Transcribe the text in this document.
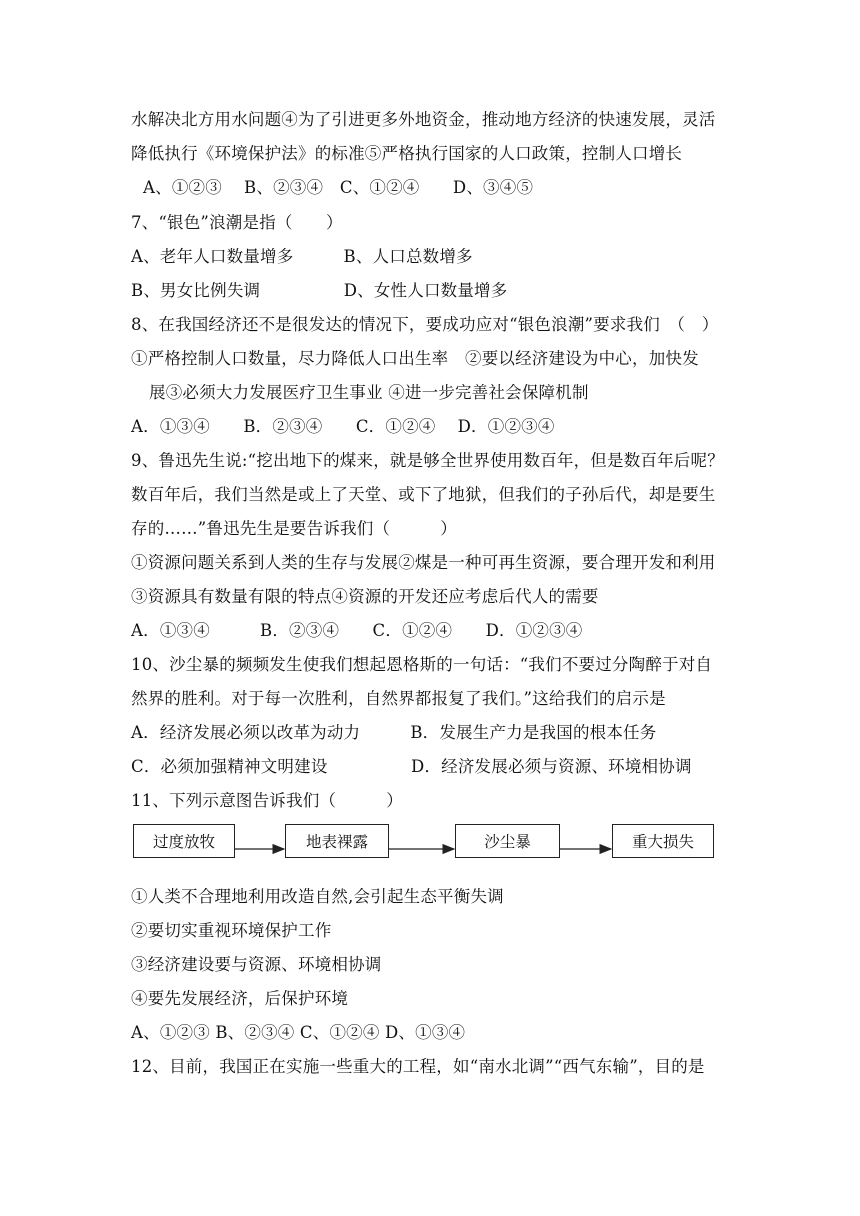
水解决北方用水问题④为了引进更多外地资金，推动地方经济的快速发展，灵活
降低执行《环境保护法》的标准⑤严格执行国家的人口政策，控制人口增长
A、①②③　 B、②③④　C、①②④　　D、③④⑤
7、“银色”浪潮是指（　　）
A、老年人口数量增多　　　B、人口总数增多
B、男女比例失调　　　　　D、女性人口数量增多
8、在我国经济还不是很发达的情况下，要成功应对“银色浪潮”要求我们　（　）
①严格控制人口数量，尽力降低人口出生率　②要以经济建设为中心，加快发
展③必须大力发展医疗卫生事业 ④进一步完善社会保障机制
A．①③④　　B．②③④　　C．①②④　 D．①②③④
9、鲁迅先生说:“挖出地下的煤来，就是够全世界使用数百年，但是数百年后呢？
数百年后，我们当然是或上了天堂、或下了地狱，但我们的子孙后代，却是要生
存的……”鲁迅先生是要告诉我们（　　　）
①资源问题关系到人类的生存与发展②煤是一种可再生资源，要合理开发和利用
③资源具有数量有限的特点④资源的开发还应考虑后代人的需要
A．①③④　　　B．②③④　　C．①②④　　D．①②③④
10、沙尘暴的频频发生使我们想起恩格斯的一句话：“我们不要过分陶醉于对自
然界的胜利。对于每一次胜利，自然界都报复了我们。”这给我们的启示是
A．经济发展必须以改革为动力　　　B．发展生产力是我国的根本任务
C．必须加强精神文明建设　　　　　D．经济发展必须与资源、环境相协调
11、下列示意图告诉我们（　　　）
过度放牧	地表裸露	沙尘暴	重大损失
①人类不合理地利用改造自然,会引起生态平衡失调
②要切实重视环境保护工作
③经济建设要与资源、环境相协调
④要先发展经济，后保护环境
A、①②③ B、②③④ C、①②④ D、①③④
12、目前，我国正在实施一些重大的工程，如“南水北调”“西气东输”，目的是
